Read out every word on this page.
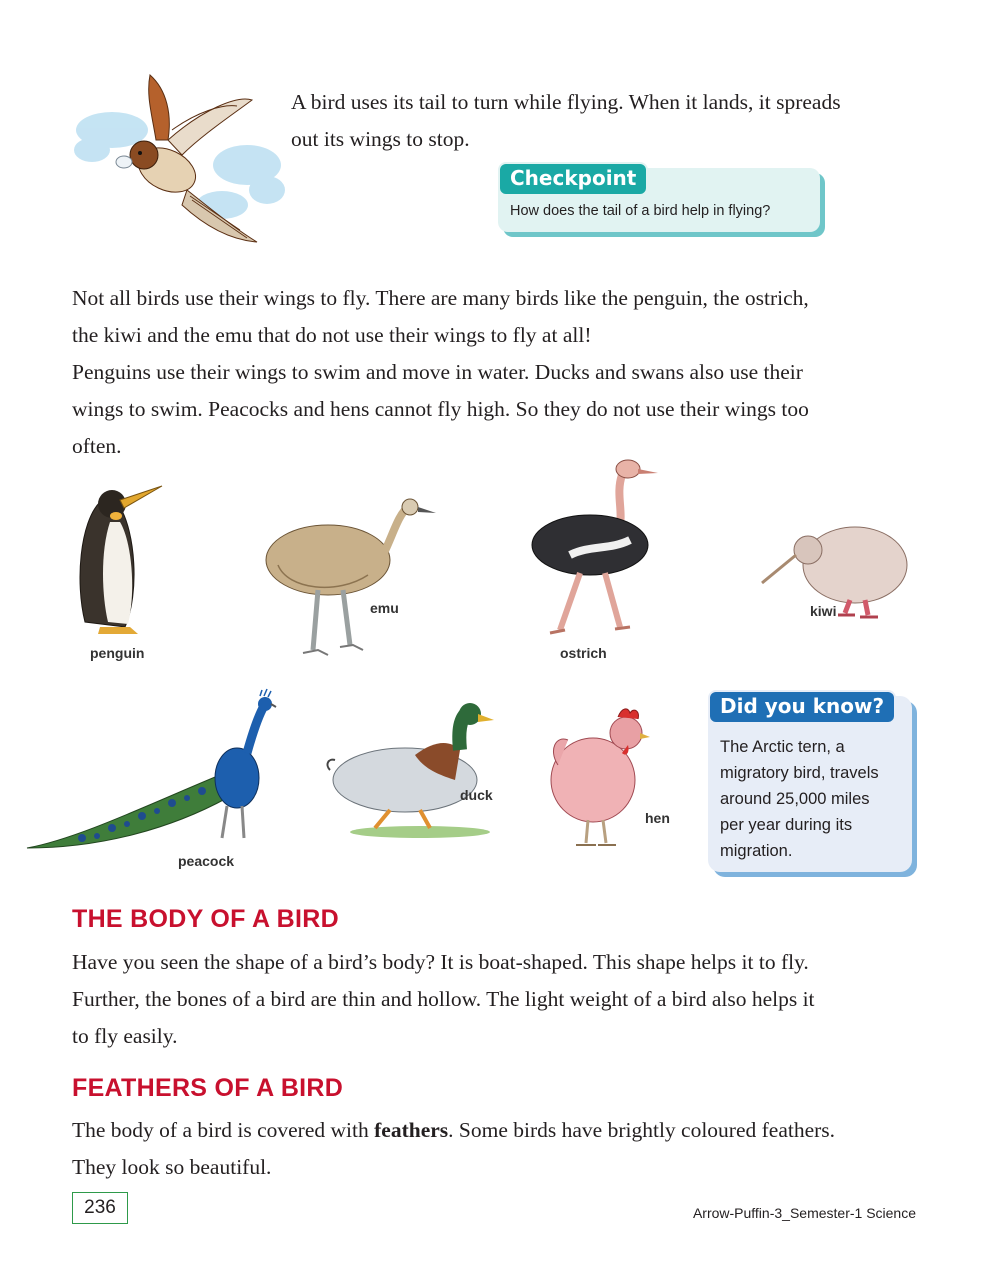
A bird uses its tail to turn while flying. When it lands, it spreads
out its wings to stop.
Checkpoint
How does the tail of a bird help in flying?
Not all birds use their wings to fly. There are many birds like the penguin, the ostrich,
the kiwi and the emu that do not use their wings to fly at all!
Penguins use their wings to swim and move in water. Ducks and swans also use their
wings to swim. Peacocks and hens cannot fly high. So they do not use their wings too
often.
penguin
emu
ostrich
kiwi
peacock
duck
hen
Did you know?
The Arctic tern, a
migratory bird, travels
around 25,000 miles
per year during its
migration.
THE BODY OF A BIRD
Have you seen the shape of a bird’s body? It is boat-shaped. This shape helps it to fly.
Further, the bones of a bird are thin and hollow. The light weight of a bird also helps it
to fly easily.
FEATHERS OF A BIRD
The body of a bird is covered with feathers. Some birds have brightly coloured feathers.
They look so beautiful.
236	Arrow-Puffin-3_Semester-1 Science
